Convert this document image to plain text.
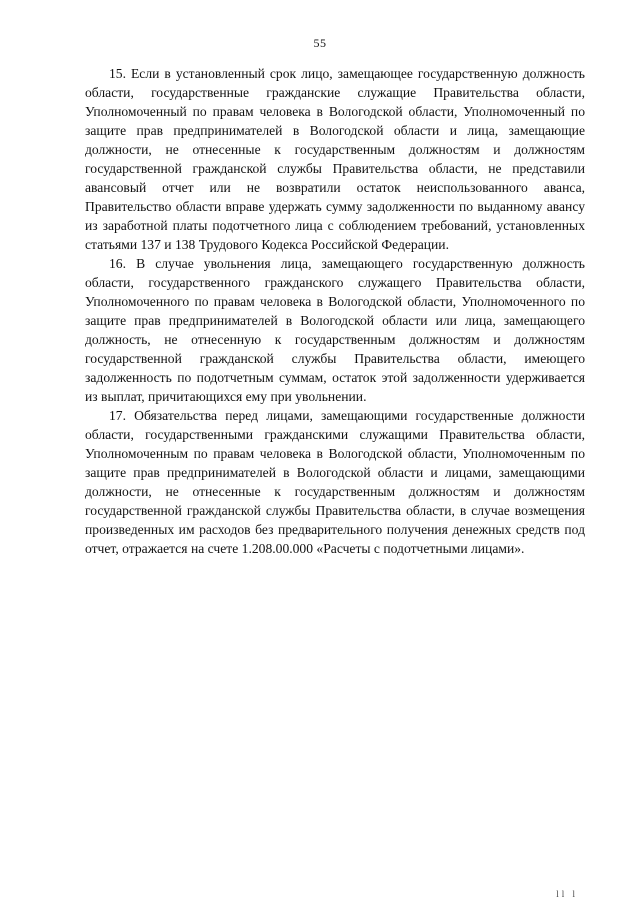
55

15. Если в установленный срок лицо, замещающее государственную должность области, государственные гражданские служащие Правительства области, Уполномоченный по правам человека в Вологодской области, Уполномоченный по защите прав предпринимателей в Вологодской области и лица, замещающие должности, не отнесенные к государственным должностям и должностям государственной гражданской службы Правительства области, не представили авансовый отчет или не возвратили остаток неиспользованного аванса, Правительство области вправе удержать сумму задолженности по выданному авансу из заработной платы подотчетного лица с соблюдением требований, установленных статьями 137 и 138 Трудового Кодекса Российской Федерации.

16. В случае увольнения лица, замещающего государственную должность области, государственного гражданского служащего Правительства области, Уполномоченного по правам человека в Вологодской области, Уполномоченного по защите прав предпринимателей в Вологодской области или лица, замещающего должность, не отнесенную к государственным должностям и должностям государственной гражданской службы Правительства области, имеющего задолженность по подотчетным суммам, остаток этой задолженности удерживается из выплат, причитающихся ему при увольнении.

17. Обязательства перед лицами, замещающими государственные должности области, государственными гражданскими служащими Правительства области, Уполномоченным по правам человека в Вологодской области, Уполномоченным по защите прав предпринимателей в Вологодской области и лицами, замещающими должности, не отнесенные к государственным должностям и должностям государственной гражданской службы Правительства области, в случае возмещения произведенных им расходов без предварительного получения денежных средств под отчет, отражается на счете 1.208.00.000 «Расчеты с подотчетными лицами».

ll l
